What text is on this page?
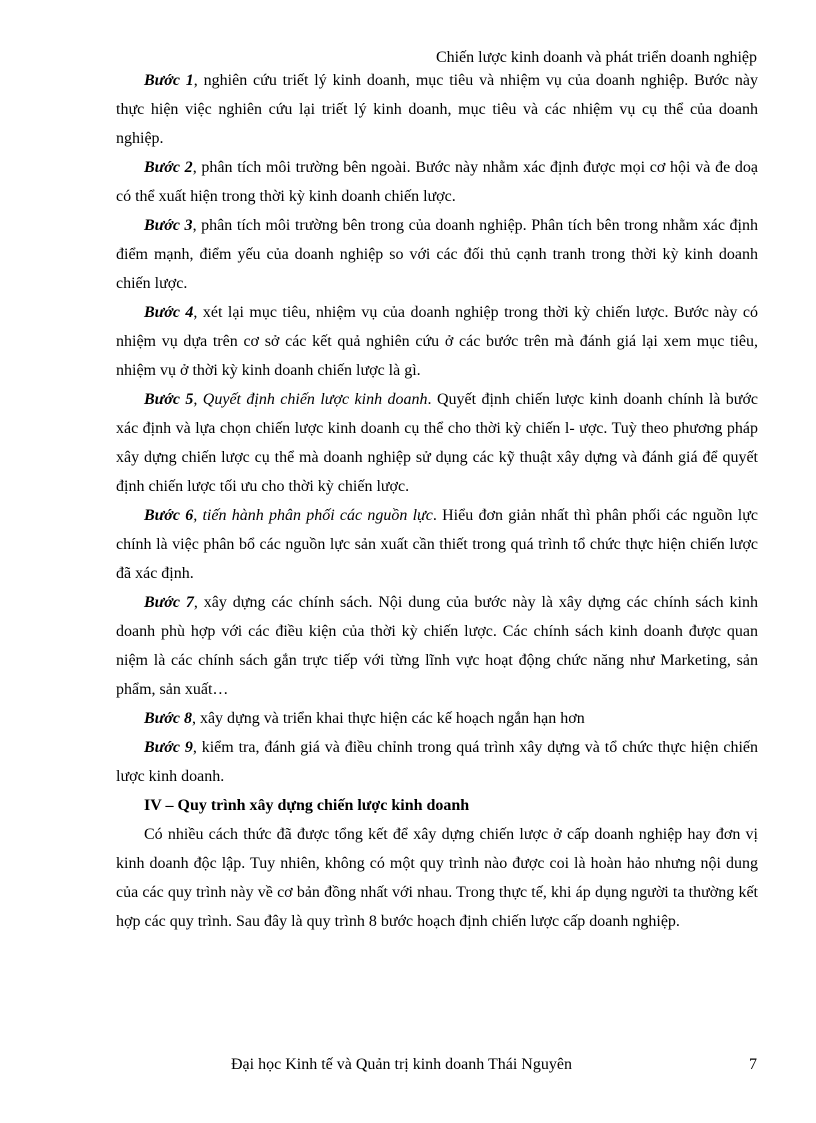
Chiến lược kinh doanh và phát triển doanh nghiệp

Bước 1, nghiên cứu triết lý kinh doanh, mục tiêu và nhiệm vụ của doanh nghiệp. Bước này thực hiện việc nghiên cứu lại triết lý kinh doanh, mục tiêu và các nhiệm vụ cụ thể của doanh nghiệp.

Bước 2, phân tích môi trường bên ngoài. Bước này nhằm xác định được mọi cơ hội và đe doạ có thể xuất hiện trong thời kỳ kinh doanh chiến lược.

Bước 3, phân tích môi trường bên trong của doanh nghiệp. Phân tích bên trong nhằm xác định điểm mạnh, điểm yếu của doanh nghiệp so với các đối thủ cạnh tranh trong thời kỳ kinh doanh chiến lược.

Bước 4, xét lại mục tiêu, nhiệm vụ của doanh nghiệp trong thời kỳ chiến lược. Bước này có nhiệm vụ dựa trên cơ sở các kết quả nghiên cứu ở các bước trên mà đánh giá lại xem mục tiêu, nhiệm vụ ở thời kỳ kinh doanh chiến lược là gì.

Bước 5, Quyết định chiến lược kinh doanh. Quyết định chiến lược kinh doanh chính là bước xác định và lựa chọn chiến lược kinh doanh cụ thể cho thời kỳ chiến l- ược. Tuỳ theo phương pháp xây dựng chiến lược cụ thể mà doanh nghiệp sử dụng các kỹ thuật xây dựng và đánh giá để quyết định chiến lược tối ưu cho thời kỳ chiến lược.

Bước 6, tiến hành phân phối các nguồn lực. Hiểu đơn giản nhất thì phân phối các nguồn lực chính là việc phân bổ các nguồn lực sản xuất cần thiết trong quá trình tổ chức thực hiện chiến lược đã xác định.

Bước 7, xây dựng các chính sách. Nội dung của bước này là xây dựng các chính sách kinh doanh phù hợp với các điều kiện của thời kỳ chiến lược. Các chính sách kinh doanh được quan niệm là các chính sách gắn trực tiếp với từng lĩnh vực hoạt động chức năng như Marketing, sản phẩm, sản xuất…

Bước 8, xây dựng và triển khai thực hiện các kế hoạch ngắn hạn hơn

Bước 9, kiểm tra, đánh giá và điều chỉnh trong quá trình xây dựng và tổ chức thực hiện chiến lược kinh doanh.

IV – Quy trình xây dựng chiến lược kinh doanh

Có nhiều cách thức đã được tổng kết để xây dựng chiến lược ở cấp doanh nghiệp hay đơn vị kinh doanh độc lập. Tuy nhiên, không có một quy trình nào được coi là hoàn hảo nhưng nội dung của các quy trình này về cơ bản đồng nhất với nhau. Trong thực tế, khi áp dụng người ta thường kết hợp các quy trình. Sau đây là quy trình 8 bước hoạch định chiến lược cấp doanh nghiệp.

Đại học Kinh tế và Quản trị kinh doanh Thái Nguyên	7
